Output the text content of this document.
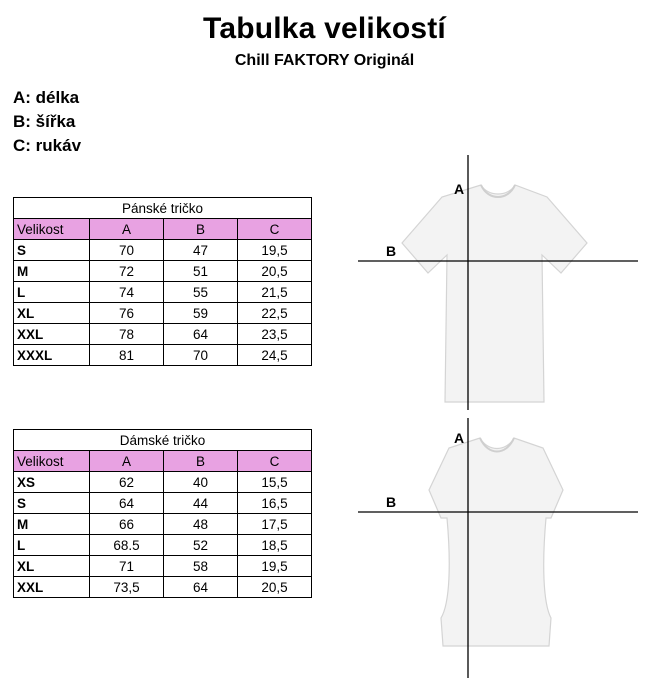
Tabulka velikostí
Chill FAKTORY Originál
A: délka
B: šířka
C: rukáv
Pánské tričko			
Velikost	A	B	C
S	70	47	19,5
M	72	51	20,5
L	74	55	21,5
XL	76	59	22,5
XXL	78	64	23,5
XXXL	81	70	24,5
Dámské tričko			
Velikost	A	B	C
XS	62	40	15,5
S	64	44	16,5
M	66	48	17,5
L	68.5	52	18,5
XL	71	58	19,5
XXL	73,5	64	20,5
A
B
A
B
